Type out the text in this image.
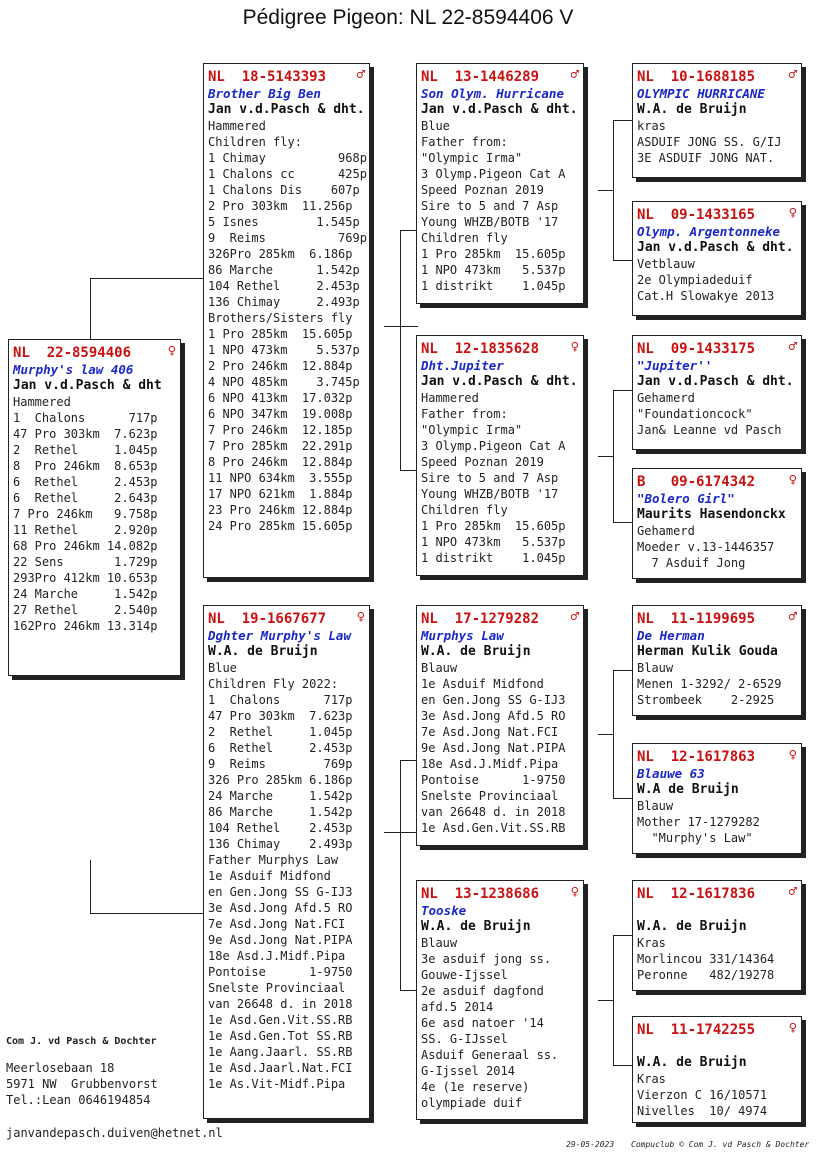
Pédigree Pigeon: NL 22-8594406 V
NL  22-8594406	♀
Murphy's law 406
Jan v.d.Pasch & dht
Hammered
1  Chalons      717p
47 Pro 303km  7.623p
2  Rethel     1.045p
8  Pro 246km  8.653p
6  Rethel     2.453p
6  Rethel     2.643p
7 Pro 246km   9.758p
11 Rethel     2.920p
68 Pro 246km 14.082p
22 Sens       1.729p
293Pro 412km 10.653p
24 Marche     1.542p
27 Rethel     2.540p
162Pro 246km 13.314p
NL  18-5143393 ♂
Brother Big Ben
Jan v.d.Pasch & dht.
Hammered
Children fly:
1 Chimay          968p
1 Chalons cc      425p
1 Chalons Dis    607p
2 Pro 303km  11.256p
5 Isnes        1.545p
9  Reims          769p
326Pro 285km  6.186p
86 Marche      1.542p
104 Rethel     2.453p
136 Chimay     2.493p
Brothers/Sisters fly
1 Pro 285km  15.605p
1 NPO 473km    5.537p
2 Pro 246km  12.884p
4 NPO 485km    3.745p
6 NPO 413km  17.032p
6 NPO 347km  19.008p
7 Pro 246km  12.185p
7 Pro 285km  22.291p
8 Pro 246km  12.884p
11 NPO 634km  3.555p
17 NPO 621km  1.884p
23 Pro 246km 12.884p
24 Pro 285km 15.605p
NL  19-1667677 ♀
Dghter Murphy's Law
W.A. de Bruijn
Blue
Children Fly 2022:
1  Chalons      717p
47 Pro 303km  7.623p
2  Rethel     1.045p
6  Rethel     2.453p
9  Reims        769p
326 Pro 285km 6.186p
24 Marche     1.542p
86 Marche     1.542p
104 Rethel    2.453p
136 Chimay    2.493p
Father Murphys Law
1e Asduif Midfond
en Gen.Jong SS G-IJ3
3e Asd.Jong Afd.5 RO
7e Asd.Jong Nat.FCI
9e Asd.Jong Nat.PIPA
18e Asd.J.Midf.Pipa
Pontoise      1-9750
Snelste Provinciaal
van 26648 d. in 2018
1e Asd.Gen.Vit.SS.RB
1e Asd.Gen.Tot SS.RB
1e Aang.Jaarl. SS.RB
1e Asd.Jaarl.Nat.FCI
1e As.Vit-Midf.Pipa
NL  13-1446289 ♂
Son Olym. Hurricane
Jan v.d.Pasch & dht.
Blue
Father from:
"Olympic Irma"
3 Olymp.Pigeon Cat A
Speed Poznan 2019
Sire to 5 and 7 Asp
Young WHZB/BOTB '17
Children fly
1 Pro 285km  15.605p
1 NPO 473km   5.537p
1 distrikt    1.045p
NL  12-1835628 ♀
Dht.Jupiter
Jan v.d.Pasch & dht.
Hammered
Father from:
"Olympic Irma"
3 Olymp.Pigeon Cat A
Speed Poznan 2019
Sire to 5 and 7 Asp
Young WHZB/BOTB '17
Children fly
1 Pro 285km  15.605p
1 NPO 473km   5.537p
1 distrikt    1.045p
NL  17-1279282 ♂
Murphys Law
W.A. de Bruijn
Blauw
1e Asduif Midfond
en Gen.Jong SS G-IJ3
3e Asd.Jong Afd.5 RO
7e Asd.Jong Nat.FCI
9e Asd.Jong Nat.PIPA
18e Asd.J.Midf.Pipa
Pontoise      1-9750
Snelste Provinciaal
van 26648 d. in 2018
1e Asd.Gen.Vit.SS.RB
NL  13-1238686 ♀
Tooske
W.A. de Bruijn
Blauw
3e asduif jong ss.
Gouwe-Ijssel
2e asduif dagfond
afd.5 2014
6e asd natoer '14
SS. G-IJssel
Asduif Generaal ss.
G-Ijssel 2014
4e (1e reserve)
olympiade duif
NL  10-1688185 ♂
OLYMPIC HURRICANE
W.A. de Bruijn
kras
ASDUIF JONG SS. G/IJ
3E ASDUIF JONG NAT.
NL  09-1433165 ♀
Olymp. Argentonneke
Jan v.d.Pasch & dht.
Vetblauw
2e Olympiadeduif
Cat.H Slowakye 2013
NL  09-1433175 ♂
"Jupiter''
Jan v.d.Pasch & dht.
Gehamerd
"Foundationcock"
Jan& Leanne vd Pasch
B   09-6174342 ♀
"Bolero Girl"
Maurits Hasendonckx
Gehamerd
Moeder v.13-1446357
7 Asduif Jong
NL  11-1199695 ♂
De Herman
Herman Kulik Gouda
Blauw
Menen 1-3292/ 2-6529
Strombeek    2-2925
NL  12-1617863 ♀
Blauwe 63
W.A de Bruijn
Blauw
Mother 17-1279282
"Murphy's Law"
NL  12-1617836 ♂

W.A. de Bruijn
Kras
Morlincou 331/14364
Peronne   482/19278
NL  11-1742255 ♀

W.A. de Bruijn
Kras
Vierzon C 16/10571
Nivelles  10/ 4974
Com J. vd Pasch & Dochter
Meerlosebaan 18
5971 NW  Grubbenvorst
Tel.:Lean 0646194854
janvandepasch.duiven@hetnet.nl
29-05-2023 Compuclub © Com J. vd Pasch & Dochter
